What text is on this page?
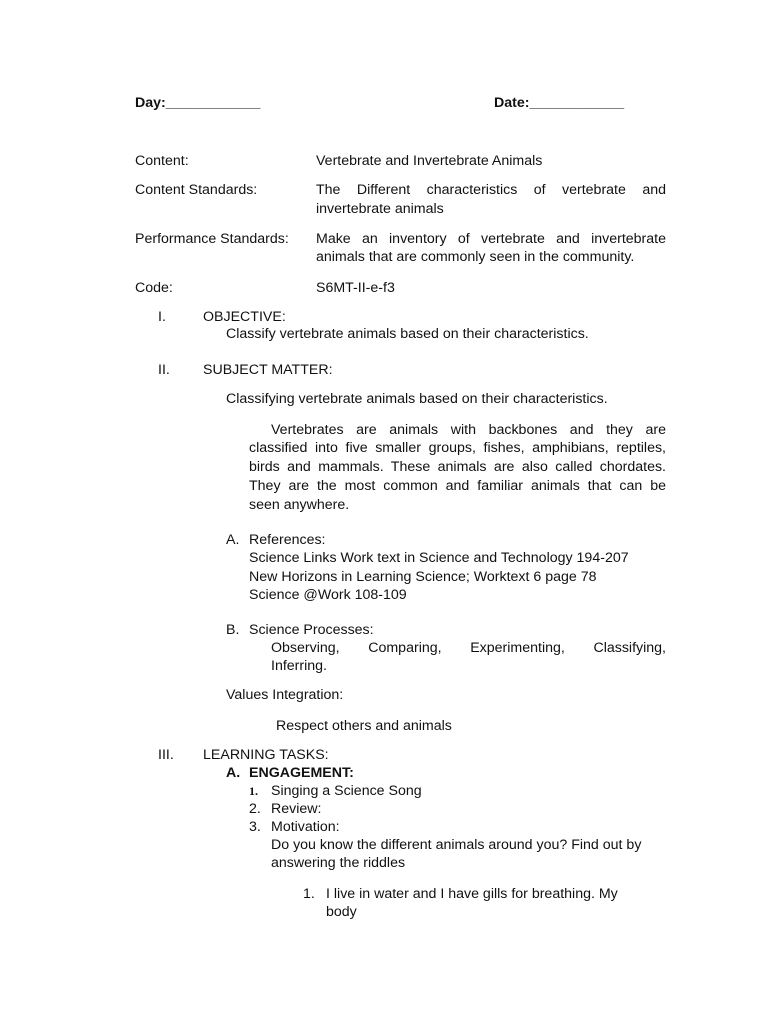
Day:____________	Date:____________
Content:	Vertebrate and Invertebrate Animals
Content Standards:	The Different characteristics of vertebrate and
invertebrate animals
Performance Standards: Make an inventory of vertebrate and invertebrate
animals that are commonly seen in the community.
Code:	S6MT-II-e-f3
I.	OBJECTIVE:
Classify vertebrate animals based on their characteristics.
II. SUBJECT MATTER:
Classifying vertebrate animals based on their characteristics.
Vertebrates are animals with backbones and they are
classified into five smaller groups, fishes, amphibians, reptiles,
birds and mammals. These animals are also called chordates.
They are the most common and familiar animals that can be
seen anywhere.
A. References:
Science Links Work text in Science and Technology 194-207
New Horizons in Learning Science; Worktext 6 page 78
Science @Work 108-109
B. Science Processes:
Observing, Comparing, Experimenting, Classifying,
Inferring.
Values Integration:
Respect others and animals
III. LEARNING TASKS:
A. ENGAGEMENT:
1. Singing a Science Song
2. Review:
3. Motivation:
Do you know the different animals around you? Find out by
answering the riddles
1. I live in water and I have gills for breathing. My
body
